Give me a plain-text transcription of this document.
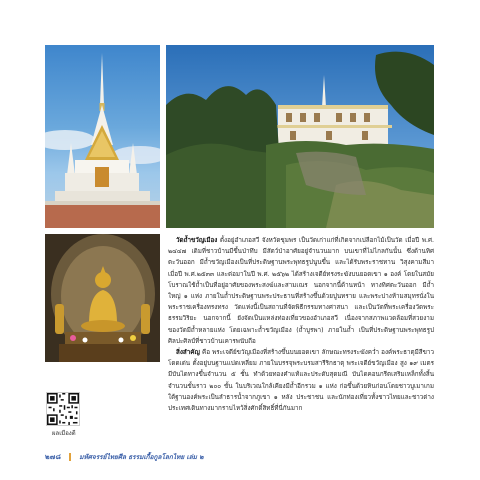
ผลเมืองดี

วัดถ้ำขวัญเมือง ตั้งอยู่อำเภอสวี จังหวัดชุมพร เป็นวัดเก่าแก่ที่เกิดจากเปลือกไม้เป็นวัด เมื่อปี พ.ศ. ๒๔๔๗ เดิมที่ชาวบ้านมีขึ้นป่าทึบ มีสัตว์ป่าอาศัยอยู่จำนวนมาก บนเขาที่ไม่ไกลกันนั้น ซึ่งด้านทิศตะวันออก มีถ้ำขวัญเมืองเป็นที่ประดิษฐานพระพุทธรูปนูนขึ้น และได้รับพระราชทาน วิสุงคามสีมา เมื่อปี พ.ศ.๒๕๓๓ และต่อมาในปี พ.ศ. ๒๕๖๒ ได้สร้างเจดีย์ทรงระฆังบนยอดเขา ๑ องค์ โดยในสมัยโบราณใช้ถ้ำเป็นที่อยู่อาศัยของพระสงฆ์และสามเณร นอกจากนี้ด้านหน้า ทางทิศตะวันออก มีถ้ำใหญ่ ๑ แห่ง ภายในถ้ำประดิษฐานพระประธานที่สร้างขึ้นด้วยปูนทราย และพระปางห้ามสมุทรนั่งในพระราชเครื่องทรงทรง วัดแห่งนี้เป็นสถานที่จัดพิธีกรรมทางศาสนา และเป็นวัดที่พระเครื่องวัดพระธรรมวิริยะ นอกจากนี้ ยังจัดเป็นแหล่งท่องเที่ยวของอำเภอสวี เนื่องจากสภาพแวดล้อมที่สวยงามของวัดมีถ้ำหลายแห่ง โดยเฉพาะถ้ำขวัญเมือง (ถ้ำบูรพา) ภายในถ้ำ เป็นที่ประดิษฐานพระพุทธรูปศิลปะศิลป์ที่ชาวบ้านเคารพนับถือ

สิ่งสำคัญ คือ พระเจดีย์ขวัญเมืองที่สร้างขึ้นบนยอดเขา ลักษณะทรงระฆังคว่ำ องค์พระธาตุมีสีขาวโดดเด่น ตั้งอยู่บนฐานแปดเหลี่ยม ภายในบรรจุพระบรมสารีริกธาตุ พระเจดีย์ขวัญเมือง สูง ๑๙ เมตร มีบันไดทางขึ้นจำนวน ๕ ชั้น ทำด้วยทองคำแท้และประดับสุดมณี บันไดคอนกรีตเสริมเหล็กทั้งสิ้นจำนวนขั้นราว ๒๐๐ ขั้น ในบริเวณใกล้เคียงมีถ้ำอีกรวม ๑ แห่ง ก่อขึ้นด้วยหินก่อนโดยชาวบูเมาเกม ใต้ฐานองค์พระเป็นลำธารน้ำจากภูเขา ๑ หลัง ประชาชน และนักท่องเที่ยวทั้งชาวไทยและชาวต่างประเทศเดินทางมากราบไหว้สิ่งศักดิ์สิทธิ์ที่นี่กันมาก

๒๗๘	มหัศจรรย์ไทยศีล ธรรมเกื้อกูลโลกไทย เล่ม ๒
